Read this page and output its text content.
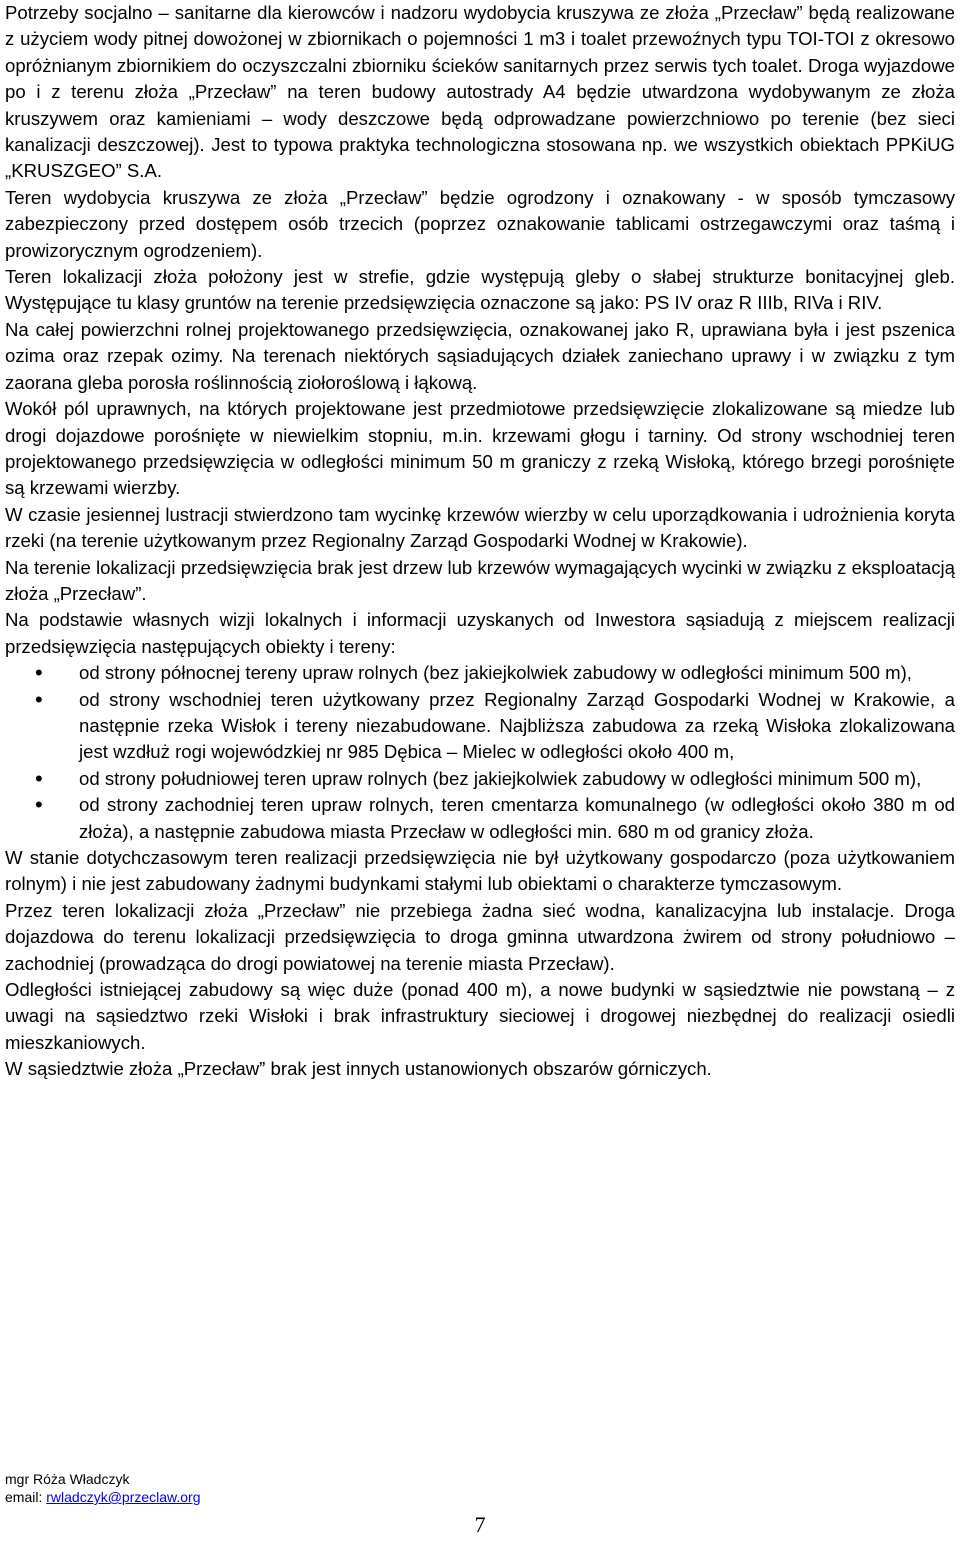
Potrzeby socjalno – sanitarne dla kierowców i nadzoru wydobycia kruszywa ze złoża „Przecław” będą realizowane z użyciem wody pitnej dowożonej w zbiornikach o pojemności 1 m3 i toalet przewoźnych typu TOI-TOI z okresowo opróżnianym zbiornikiem do oczyszczalni zbiorniku ścieków sanitarnych przez serwis tych toalet. Droga wyjazdowe po i z terenu złoża „Przecław” na teren budowy autostrady A4 będzie utwardzona wydobywanym ze złoża kruszywem oraz kamieniami – wody deszczowe będą odprowadzane powierzchniowo po terenie (bez sieci kanalizacji deszczowej). Jest to typowa praktyka technologiczna stosowana np. we wszystkich obiektach PPKiUG „KRUSZGEO” S.A.

Teren wydobycia kruszywa ze złoża „Przecław” będzie ogrodzony i oznakowany - w sposób tymczasowy zabezpieczony przed dostępem osób trzecich (poprzez oznakowanie tablicami ostrzegawczymi oraz taśmą i prowizorycznym ogrodzeniem).

Teren lokalizacji złoża położony jest w strefie, gdzie występują gleby o słabej strukturze bonitacyjnej gleb. Występujące tu klasy gruntów na terenie przedsięwzięcia oznaczone są jako: PS IV oraz R IIIb, RIVa i RIV.

Na całej powierzchni rolnej projektowanego przedsięwzięcia, oznakowanej jako R, uprawiana była i jest pszenica ozima oraz rzepak ozimy. Na terenach niektórych sąsiadujących działek zaniechano uprawy i w związku z tym zaorana gleba porosła roślinnością ziołoroślową i łąkową.

Wokół pól uprawnych, na których projektowane jest przedmiotowe przedsięwzięcie zlokalizowane są miedze lub drogi dojazdowe porośnięte w niewielkim stopniu, m.in. krzewami głogu i tarniny. Od strony wschodniej teren projektowanego przedsięwzięcia w odległości minimum 50 m graniczy z rzeką Wisłoką, którego brzegi porośnięte są krzewami wierzby.

W czasie jesiennej lustracji stwierdzono tam wycinkę krzewów wierzby w celu uporządkowania i udrożnienia koryta rzeki (na terenie użytkowanym przez Regionalny Zarząd Gospodarki Wodnej w Krakowie).

Na terenie lokalizacji przedsięwzięcia brak jest drzew lub krzewów wymagających wycinki w związku z eksploatacją złoża „Przecław”.

Na podstawie własnych wizji lokalnych i informacji uzyskanych od Inwestora sąsiadują z miejscem realizacji przedsięwzięcia następujących obiekty i tereny:

• od strony północnej tereny upraw rolnych (bez jakiejkolwiek zabudowy w odległości minimum 500 m),
• od strony wschodniej teren użytkowany przez Regionalny Zarząd Gospodarki Wodnej w Krakowie, a następnie rzeka Wisłok i tereny niezabudowane. Najbliższa zabudowa za rzeką Wisłoka zlokalizowana jest wzdłuż rogi wojewódzkiej nr 985 Dębica – Mielec w odległości około 400 m,
• od strony południowej teren upraw rolnych (bez jakiejkolwiek zabudowy w odległości minimum 500 m),
• od strony zachodniej teren upraw rolnych, teren cmentarza komunalnego (w odległości około 380 m od złoża), a następnie zabudowa miasta Przecław w odległości min. 680 m od granicy złoża.

W stanie dotychczasowym teren realizacji przedsięwzięcia nie był użytkowany gospodarczo (poza użytkowaniem rolnym) i nie jest zabudowany żadnymi budynkami stałymi lub obiektami o charakterze tymczasowym.

Przez teren lokalizacji złoża „Przecław” nie przebiega żadna sieć wodna, kanalizacyjna lub instalacje. Droga dojazdowa do terenu lokalizacji przedsięwzięcia to droga gminna utwardzona żwirem od strony południowo – zachodniej (prowadząca do drogi powiatowej na terenie miasta Przecław).

Odległości istniejącej zabudowy są więc duże (ponad 400 m), a nowe budynki w sąsiedztwie nie powstaną – z uwagi na sąsiedztwo rzeki Wisłoki i brak infrastruktury sieciowej i drogowej niezbędnej do realizacji osiedli mieszkaniowych.

W sąsiedztwie złoża „Przecław” brak jest innych ustanowionych obszarów górniczych.

mgr Róża Władczyk
email: rwladczyk@przeclaw.org
7
